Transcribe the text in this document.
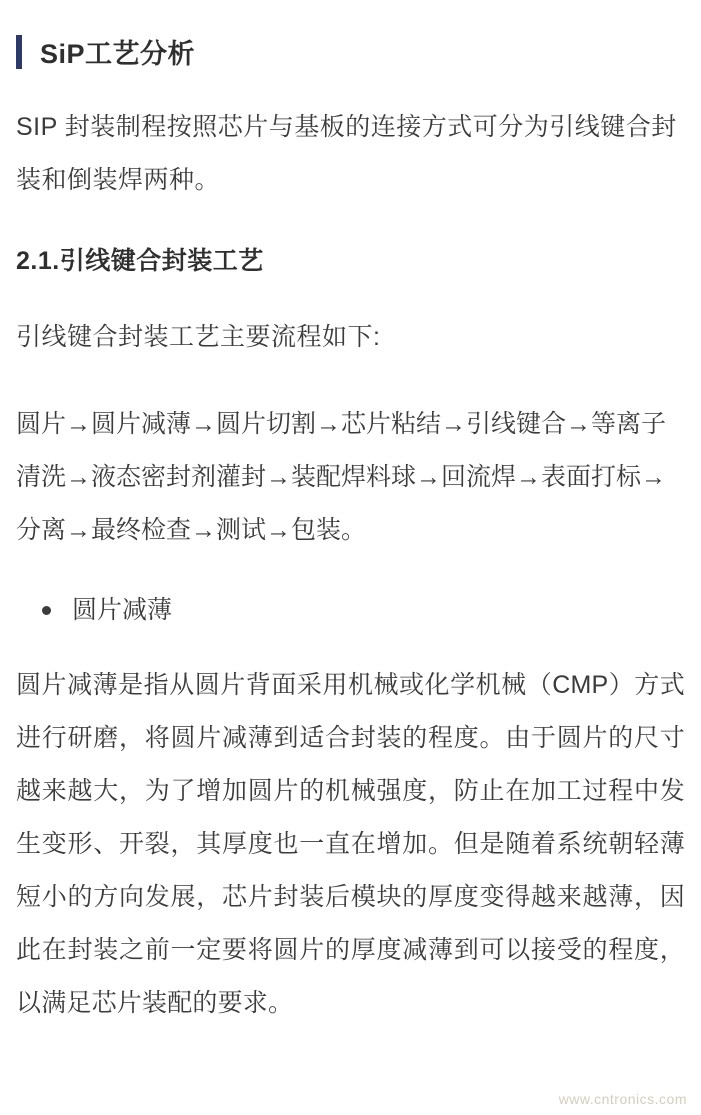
SiP工艺分析

SIP 封装制程按照芯片与基板的连接方式可分为引线键合封装和倒装焊两种。

2.1.引线键合封装工艺

引线键合封装工艺主要流程如下:

圆片→圆片减薄→圆片切割→芯片粘结→引线键合→等离子清洗→液态密封剂灌封→装配焊料球→回流焊→表面打标→分离→最终检查→测试→包装。

圆片减薄

圆片减薄是指从圆片背面采用机械或化学机械（CMP）方式进行研磨，将圆片减薄到适合封装的程度。由于圆片的尺寸越来越大，为了增加圆片的机械强度，防止在加工过程中发生变形、开裂，其厚度也一直在增加。但是随着系统朝轻薄短小的方向发展，芯片封装后模块的厚度变得越来越薄，因此在封装之前一定要将圆片的厚度减薄到可以接受的程度，以满足芯片装配的要求。

www.cntronics.com
